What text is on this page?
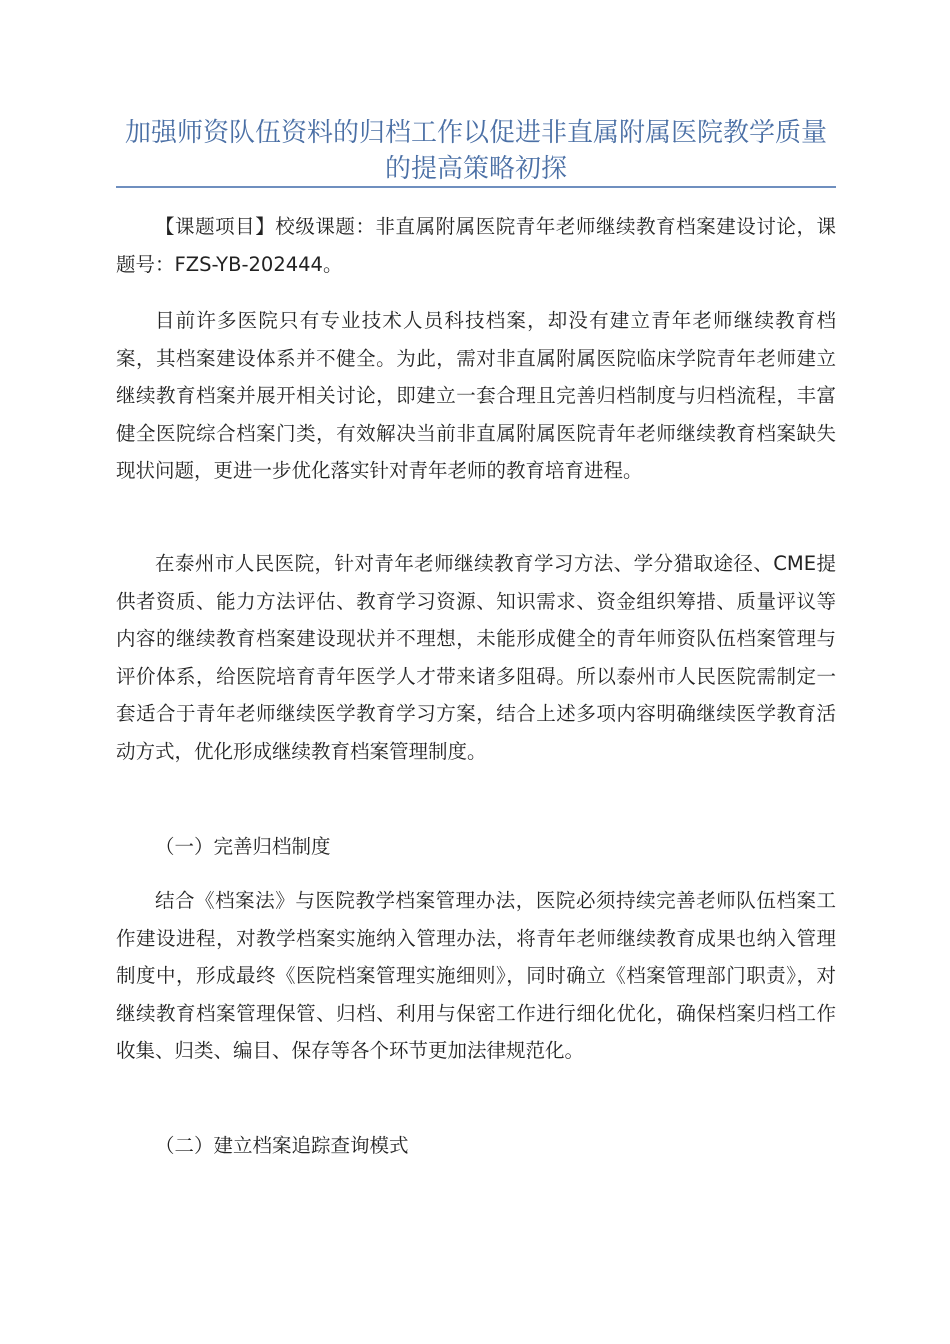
加强师资队伍资料的归档工作以促进非直属附属医院教学质量的提高策略初探

【课题项目】校级课题：非直属附属医院青年老师继续教育档案建设讨论，课题号：FZS-YB-202444。

目前许多医院只有专业技术人员科技档案，却没有建立青年老师继续教育档案，其档案建设体系并不健全。为此，需对非直属附属医院临床学院青年老师建立继续教育档案并展开相关讨论，即建立一套合理且完善归档制度与归档流程，丰富健全医院综合档案门类，有效解决当前非直属附属医院青年老师继续教育档案缺失现状问题，更进一步优化落实针对青年老师的教育培育进程。

在泰州市人民医院，针对青年老师继续教育学习方法、学分猎取途径、CME提供者资质、能力方法评估、教育学习资源、知识需求、资金组织筹措、质量评议等内容的继续教育档案建设现状并不理想，未能形成健全的青年师资队伍档案管理与评价体系，给医院培育青年医学人才带来诸多阻碍。所以泰州市人民医院需制定一套适合于青年老师继续医学教育学习方案，结合上述多项内容明确继续医学教育活动方式，优化形成继续教育档案管理制度。

（一）完善归档制度

结合《档案法》与医院教学档案管理办法，医院必须持续完善老师队伍档案工作建设进程，对教学档案实施纳入管理办法，将青年老师继续教育成果也纳入管理制度中，形成最终《医院档案管理实施细则》，同时确立《档案管理部门职责》，对继续教育档案管理保管、归档、利用与保密工作进行细化优化，确保档案归档工作收集、归类、编目、保存等各个环节更加法律规范化。

（二）建立档案追踪查询模式
